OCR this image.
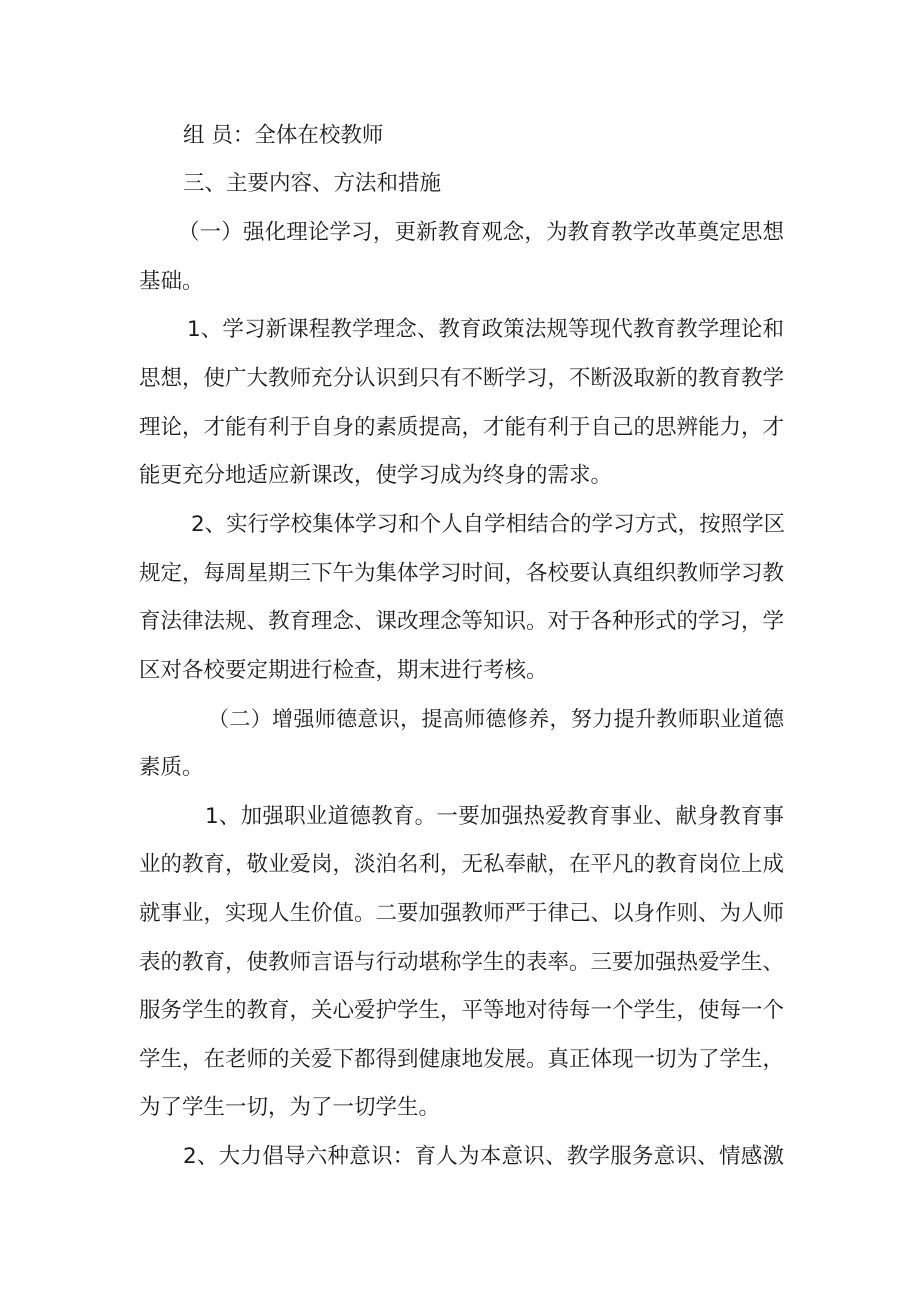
组 员：全体在校教师
三、主要内容、方法和措施
（一）强化理论学习，更新教育观念，为教育教学改革奠定思想
基础。
1、学习新课程教学理念、教育政策法规等现代教育教学理论和
思想，使广大教师充分认识到只有不断学习，不断汲取新的教育教学
理论，才能有利于自身的素质提高，才能有利于自己的思辨能力，才
能更充分地适应新课改，使学习成为终身的需求。
2、实行学校集体学习和个人自学相结合的学习方式，按照学区
规定，每周星期三下午为集体学习时间，各校要认真组织教师学习教
育法律法规、教育理念、课改理念等知识。对于各种形式的学习，学
区对各校要定期进行检查，期末进行考核。
（二）增强师德意识，提高师德修养，努力提升教师职业道德
素质。
1、加强职业道德教育。一要加强热爱教育事业、献身教育事
业的教育，敬业爱岗，淡泊名利，无私奉献，在平凡的教育岗位上成
就事业，实现人生价值。二要加强教师严于律己、以身作则、为人师
表的教育，使教师言语与行动堪称学生的表率。三要加强热爱学生、
服务学生的教育，关心爱护学生，平等地对待每一个学生，使每一个
学生，在老师的关爱下都得到健康地发展。真正体现一切为了学生，
为了学生一切，为了一切学生。
2、大力倡导六种意识：育人为本意识、教学服务意识、情感激
